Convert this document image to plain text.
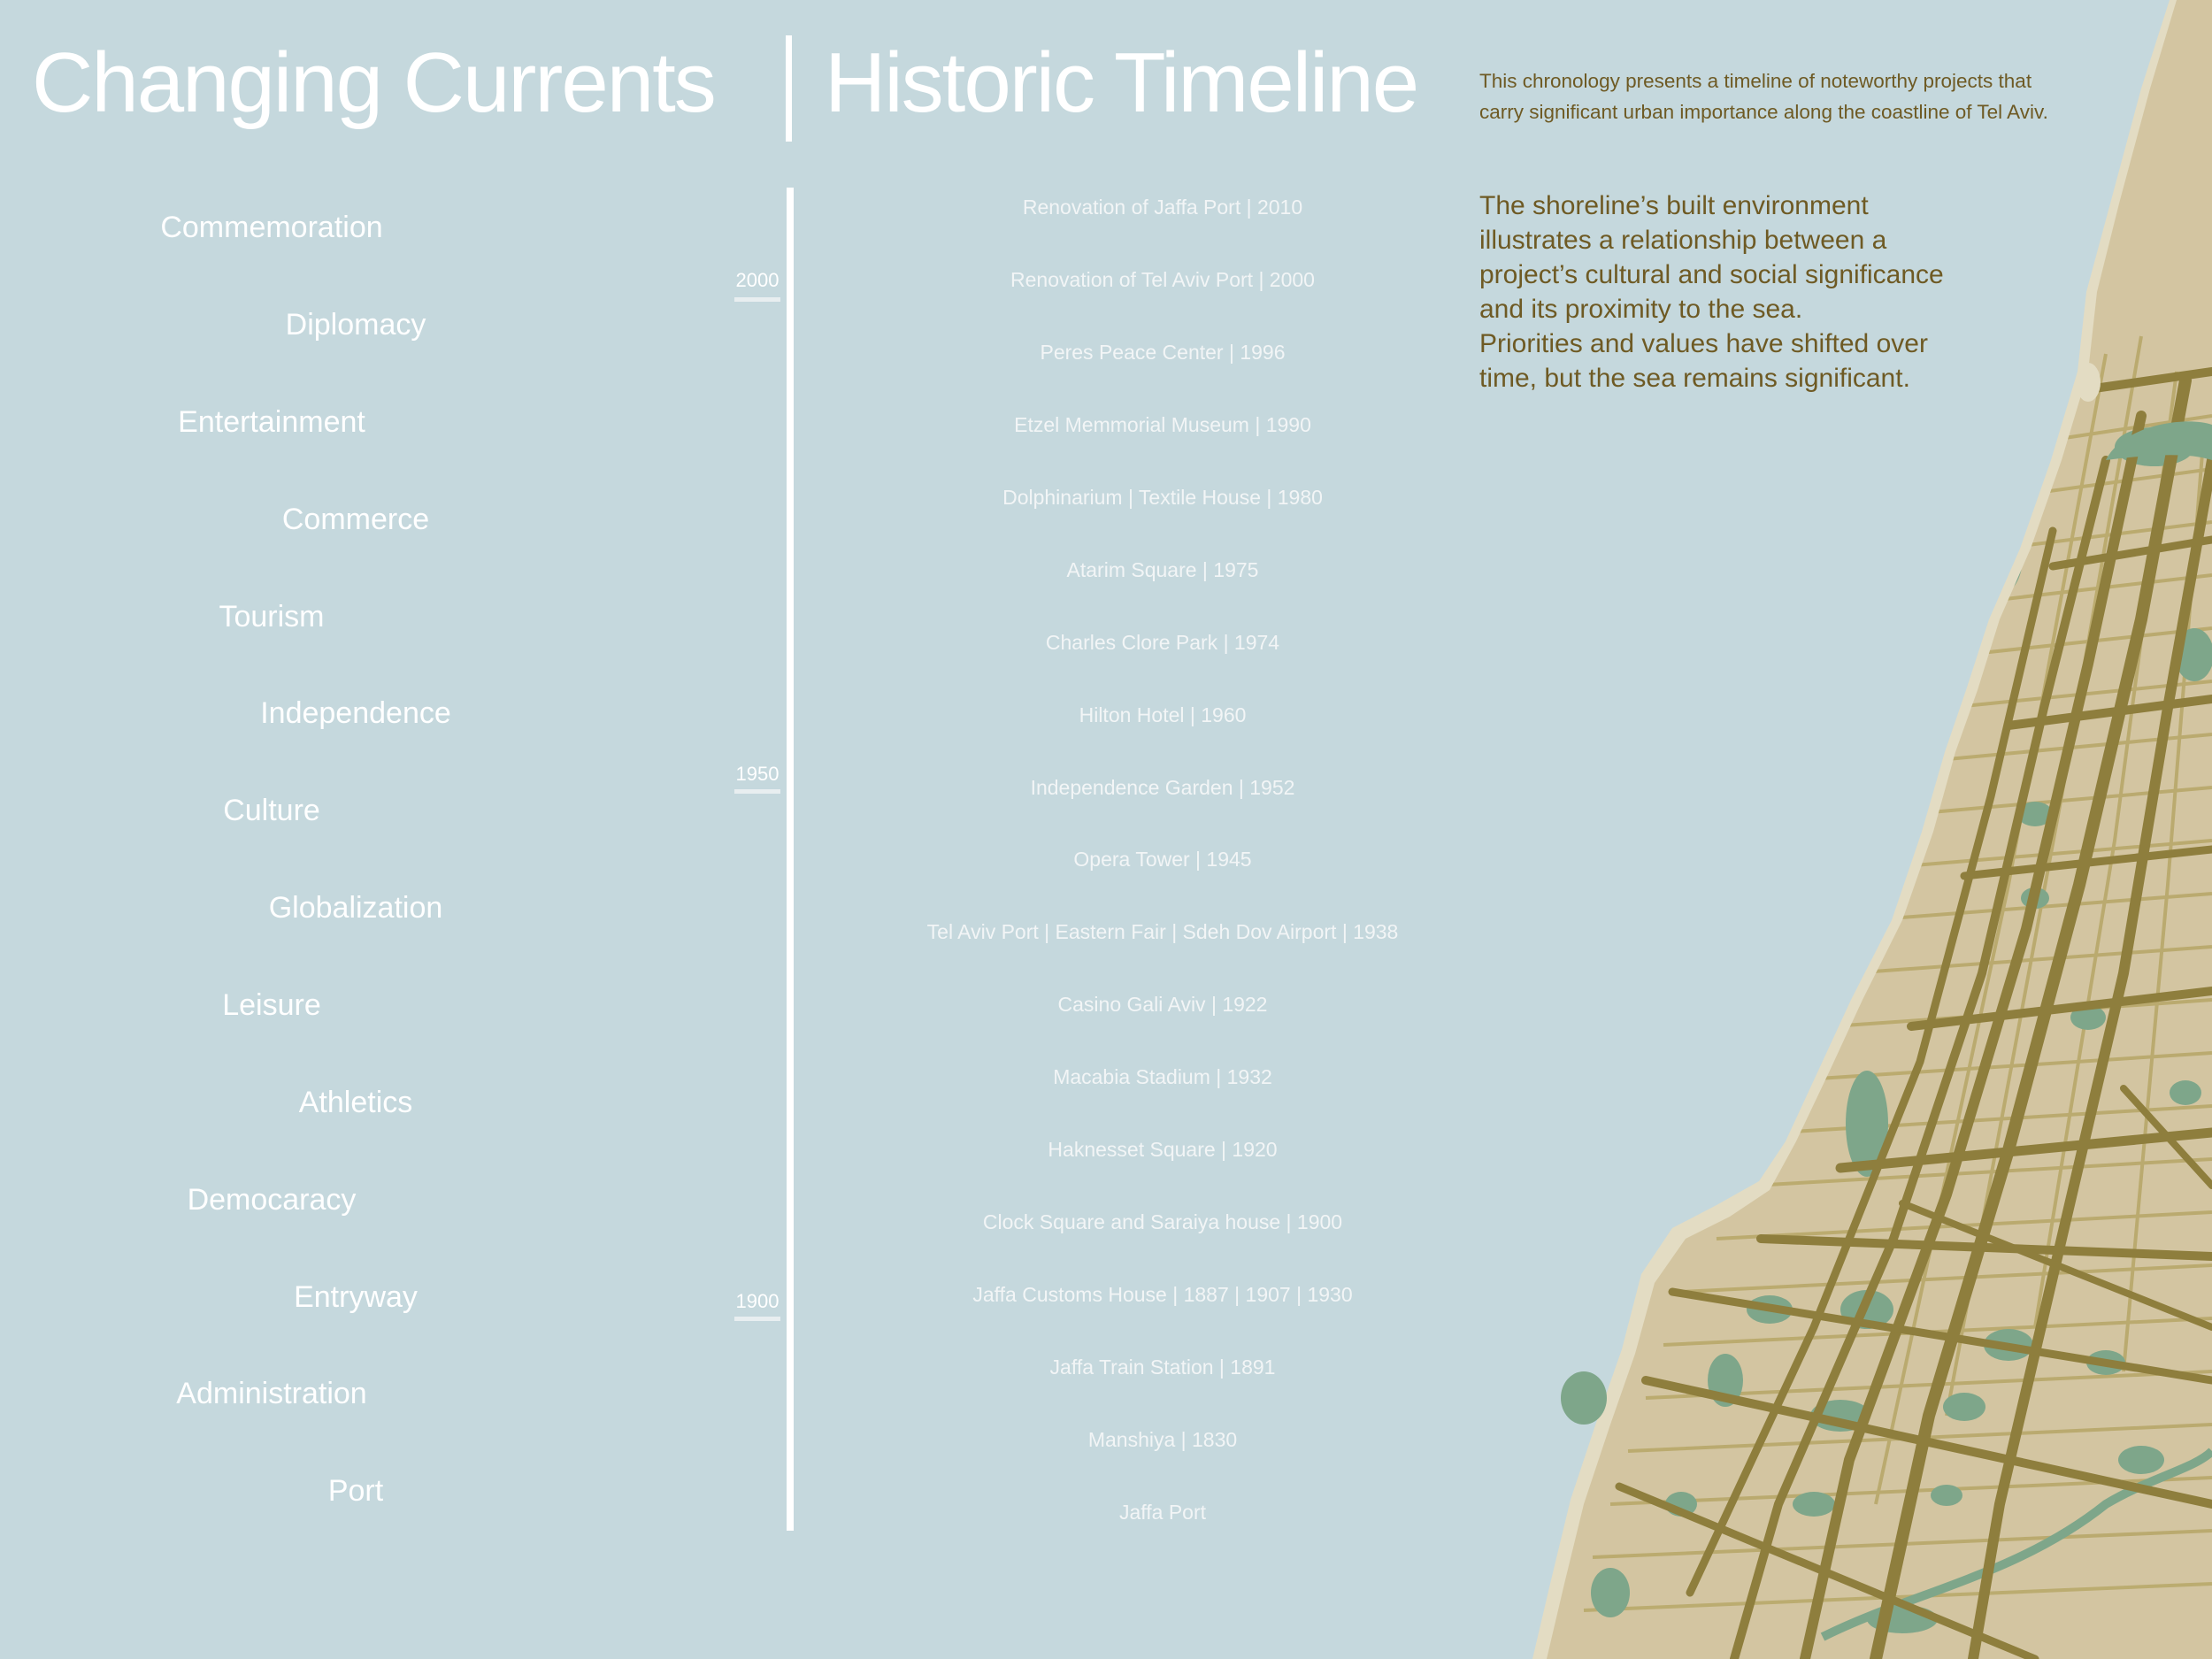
Changing Currents Historic Timeline	This chronology presents a timeline of noteworthy projects that
carry significant urban importance along the coastline of Tel Aviv.
The shoreline’s built environment
illustrates a relationship between a
project’s cultural and social significance
and its proximity to the sea.
Priorities and values have shifted over
time, but the sea remains significant.
Commemoration
Diplomacy
Entertainment
Commerce
Tourism
Independence
Culture
Globalization
Leisure
Athletics
Democaracy
Entryway
Administration
Port
2000
1950
1900
Renovation of Jaffa Port | 2010
Renovation of Tel Aviv Port | 2000
Peres Peace Center | 1996
Etzel Memmorial Museum | 1990
Dolphinarium | Textile House | 1980
Atarim Square | 1975
Charles Clore Park | 1974
Hilton Hotel | 1960
Independence Garden | 1952
Opera Tower | 1945
Tel Aviv Port | Eastern Fair | Sdeh Dov Airport | 1938
Casino Gali Aviv | 1922
Macabia Stadium | 1932
Haknesset Square | 1920
Clock Square and Saraiya house | 1900
Jaffa Customs House | 1887 | 1907 | 1930
Jaffa Train Station | 1891
Manshiya | 1830
Jaffa Port
